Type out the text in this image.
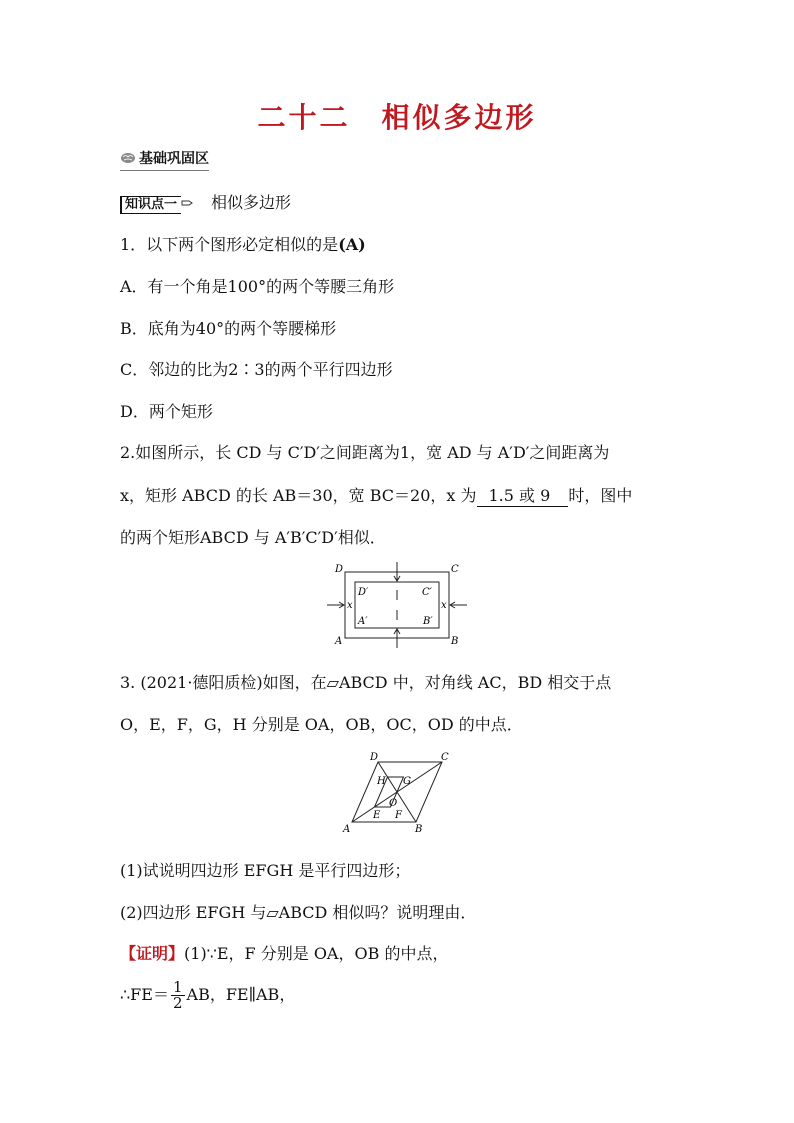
二十二　相似多边形
基础巩固区
知识点一 相似多边形
1．以下两个图形必定相似的是(A)
A．有一个角是100°的两个等腰三角形
B．底角为40°的两个等腰梯形
C．邻边的比为2∶3的两个平行四边形
D．两个矩形
2.如图所示，长 CD 与 C′D′之间距离为1，宽 AD 与 A′D′之间距离为
x，矩形 ABCD 的长 AB＝30，宽 BC＝20，x 为 1.5 或 9 时，图中
的两个矩形ABCD 与 A′B′C′D′相似．
D	C
A	B
D′	C′
A′	B′
x	x
3. (2021·德阳质检)如图，在▱ABCD 中，对角线 AC，BD 相交于点
O，E，F，G，H 分别是 OA，OB，OC，OD 的中点．
D	C
A	B
H G
O
E F
(1)试说明四边形 EFGH 是平行四边形；
(2)四边形 EFGH 与▱ABCD 相似吗？说明理由．
【证明】(1)∵E，F 分别是 OA，OB 的中点，
∴FE＝ $\frac{1}{2}$ AB，FE∥AB，
